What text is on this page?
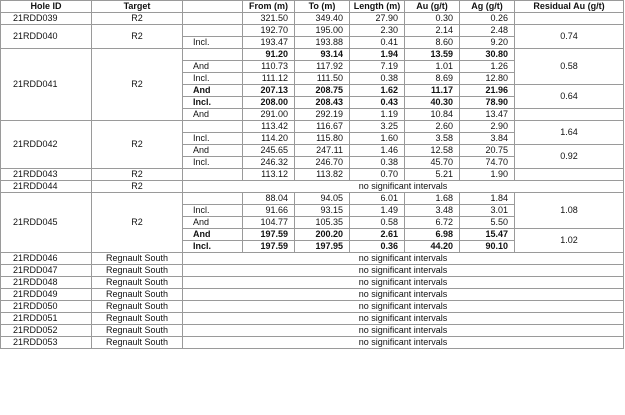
Hole ID	Target		From (m)	To (m)	Length (m)	Au (g/t)	Ag (g/t)	Residual Au (g/t)
21RDD039	R2		321.50	349.40	27.90	0.30	0.26	
21RDD040	R2		192.70	195.00	2.30	2.14	2.48	0.74
		Incl.	193.47	193.88	0.41	8.60	9.20	
21RDD041	R2		91.20	93.14	1.94	13.59	30.80	0.58
		And	110.73	117.92	7.19	1.01	1.26	
		Incl.	111.12	111.50	0.38	8.69	12.80	
		And	207.13	208.75	1.62	11.17	21.96	0.64
		Incl.	208.00	208.43	0.43	40.30	78.90	
		And	291.00	292.19	1.19	10.84	13.47	
21RDD042	R2		113.42	116.67	3.25	2.60	2.90	1.64
		Incl.	114.20	115.80	1.60	3.58	3.84	
		And	245.65	247.11	1.46	12.58	20.75	0.92
		Incl.	246.32	246.70	0.38	45.70	74.70	
21RDD043	R2		113.12	113.82	0.70	5.21	1.90	
21RDD044	R2	no significant intervals						
21RDD045	R2		88.04	94.05	6.01	1.68	1.84	1.08
		Incl.	91.66	93.15	1.49	3.48	3.01	
		And	104.77	105.35	0.58	6.72	5.50	
		And	197.59	200.20	2.61	6.98	15.47	1.02
		Incl.	197.59	197.95	0.36	44.20	90.10	
21RDD046	Regnault South	no significant intervals						
21RDD047	Regnault South	no significant intervals						
21RDD048	Regnault South	no significant intervals						
21RDD049	Regnault South	no significant intervals						
21RDD050	Regnault South	no significant intervals						
21RDD051	Regnault South	no significant intervals						
21RDD052	Regnault South	no significant intervals						
21RDD053	Regnault South	no significant intervals						
